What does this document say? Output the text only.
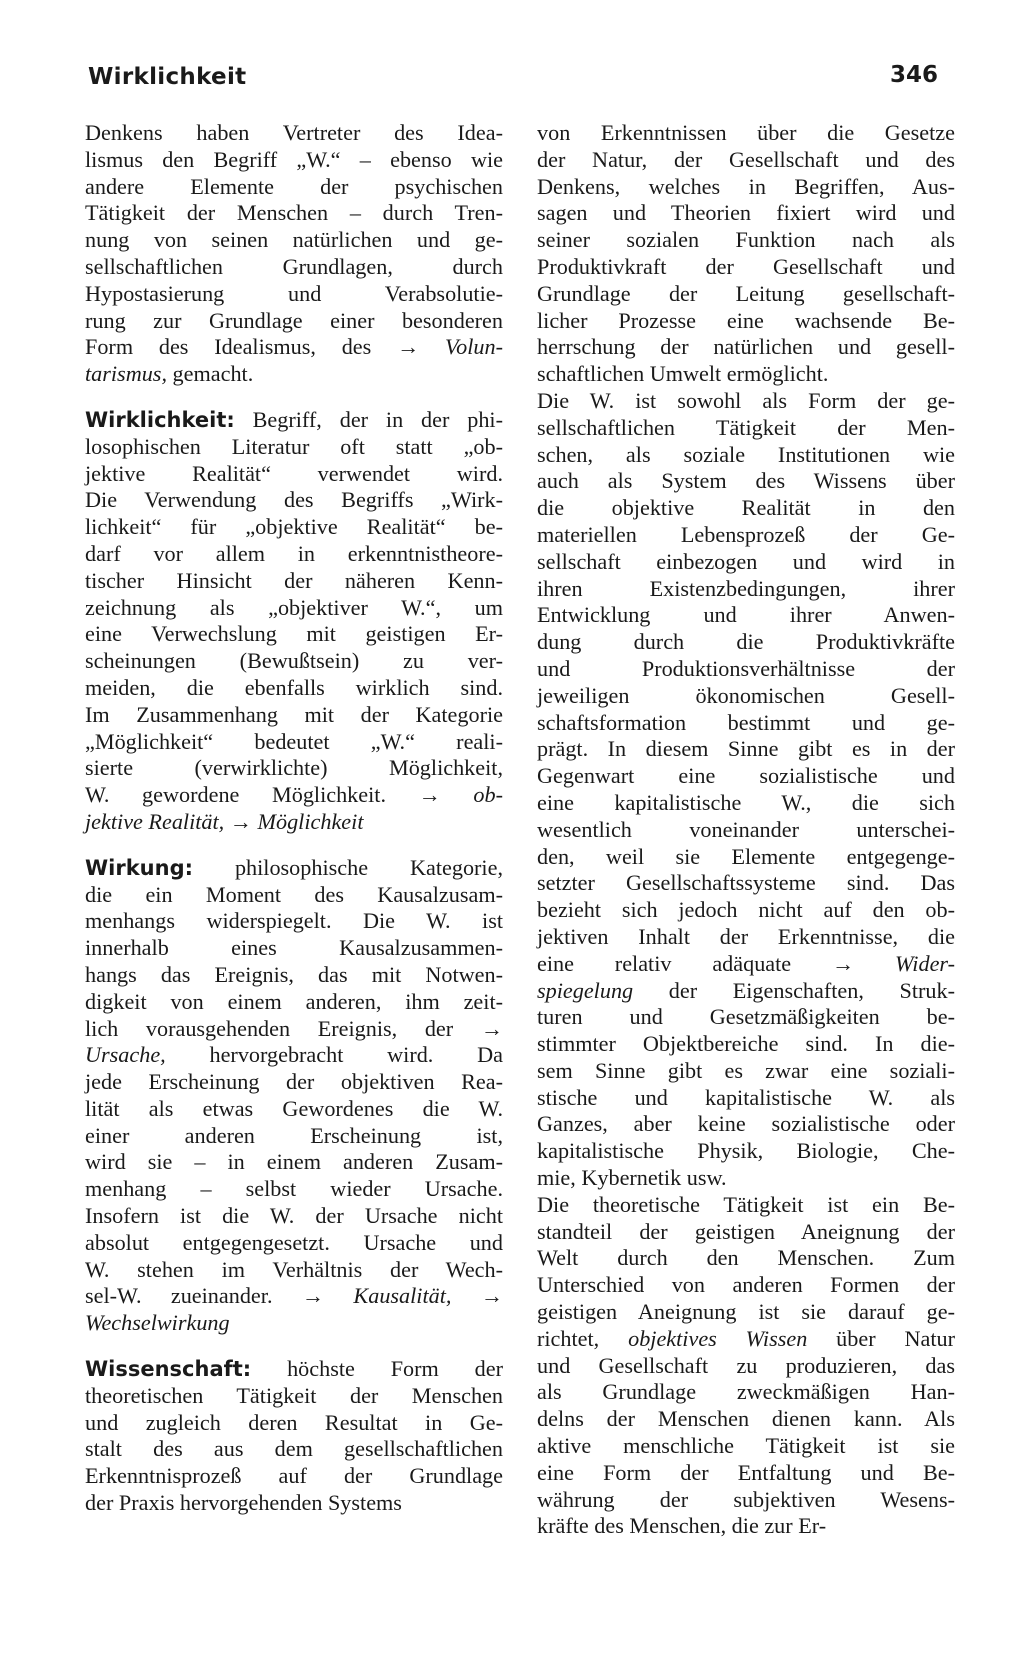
Wirklichkeit	346
Denkens haben Vertreter des Idea-
lismus den Begriff „W.“ – ebenso wie
andere Elemente der psychischen
Tätigkeit der Menschen – durch Tren-
nung von seinen natürlichen und ge-
sellschaftlichen Grundlagen, durch
Hypostasierung und Verabsolutie-
rung zur Grundlage einer besonderen
Form des Idealismus, des → Volun-
tarismus, gemacht.
Wirklichkeit: Begriff, der in der phi-
losophischen Literatur oft statt „ob-
jektive Realität“ verwendet wird.
Die Verwendung des Begriffs „Wirk-
lichkeit“ für „objektive Realität“ be-
darf vor allem in erkenntnistheore-
tischer Hinsicht der näheren Kenn-
zeichnung als „objektiver W.“, um
eine Verwechslung mit geistigen Er-
scheinungen (Bewußtsein) zu ver-
meiden, die ebenfalls wirklich sind.
Im Zusammenhang mit der Kategorie
„Möglichkeit“ bedeutet „W.“ reali-
sierte (verwirklichte) Möglichkeit,
W. gewordene Möglichkeit. → ob-
jektive Realität, → Möglichkeit
Wirkung: philosophische Kategorie,
die ein Moment des Kausalzusam-
menhangs widerspiegelt. Die W. ist
innerhalb eines Kausalzusammen-
hangs das Ereignis, das mit Notwen-
digkeit von einem anderen, ihm zeit-
lich vorausgehenden Ereignis, der →
Ursache, hervorgebracht wird. Da
jede Erscheinung der objektiven Rea-
lität als etwas Gewordenes die W.
einer anderen Erscheinung ist,
wird sie – in einem anderen Zusam-
menhang – selbst wieder Ursache.
Insofern ist die W. der Ursache nicht
absolut entgegengesetzt. Ursache und
W. stehen im Verhältnis der Wech-
sel-W. zueinander. → Kausalität, →
Wechselwirkung
Wissenschaft: höchste Form der
theoretischen Tätigkeit der Menschen
und zugleich deren Resultat in Ge-
stalt des aus dem gesellschaftlichen
Erkenntnisprozeß auf der Grundlage
der Praxis hervorgehenden Systems
von Erkenntnissen über die Gesetze
der Natur, der Gesellschaft und des
Denkens, welches in Begriffen, Aus-
sagen und Theorien fixiert wird und
seiner sozialen Funktion nach als
Produktivkraft der Gesellschaft und
Grundlage der Leitung gesellschaft-
licher Prozesse eine wachsende Be-
herrschung der natürlichen und gesell-
schaftlichen Umwelt ermöglicht.
Die W. ist sowohl als Form der ge-
sellschaftlichen Tätigkeit der Men-
schen, als soziale Institutionen wie
auch als System des Wissens über
die objektive Realität in den
materiellen Lebensprozeß der Ge-
sellschaft einbezogen und wird in
ihren Existenzbedingungen, ihrer
Entwicklung und ihrer Anwen-
dung durch die Produktivkräfte
und Produktionsverhältnisse der
jeweiligen ökonomischen Gesell-
schaftsformation bestimmt und ge-
prägt. In diesem Sinne gibt es in der
Gegenwart eine sozialistische und
eine kapitalistische W., die sich
wesentlich voneinander unterschei-
den, weil sie Elemente entgegenge-
setzter Gesellschaftssysteme sind. Das
bezieht sich jedoch nicht auf den ob-
jektiven Inhalt der Erkenntnisse, die
eine relativ adäquate → Wider-
spiegelung der Eigenschaften, Struk-
turen und Gesetzmäßigkeiten be-
stimmter Objektbereiche sind. In die-
sem Sinne gibt es zwar eine soziali-
stische und kapitalistische W. als
Ganzes, aber keine sozialistische oder
kapitalistische Physik, Biologie, Che-
mie, Kybernetik usw.
Die theoretische Tätigkeit ist ein Be-
standteil der geistigen Aneignung der
Welt durch den Menschen. Zum
Unterschied von anderen Formen der
geistigen Aneignung ist sie darauf ge-
richtet, objektives Wissen über Natur
und Gesellschaft zu produzieren, das
als Grundlage zweckmäßigen Han-
delns der Menschen dienen kann. Als
aktive menschliche Tätigkeit ist sie
eine Form der Entfaltung und Be-
währung der subjektiven Wesens-
kräfte des Menschen, die zur Er-
